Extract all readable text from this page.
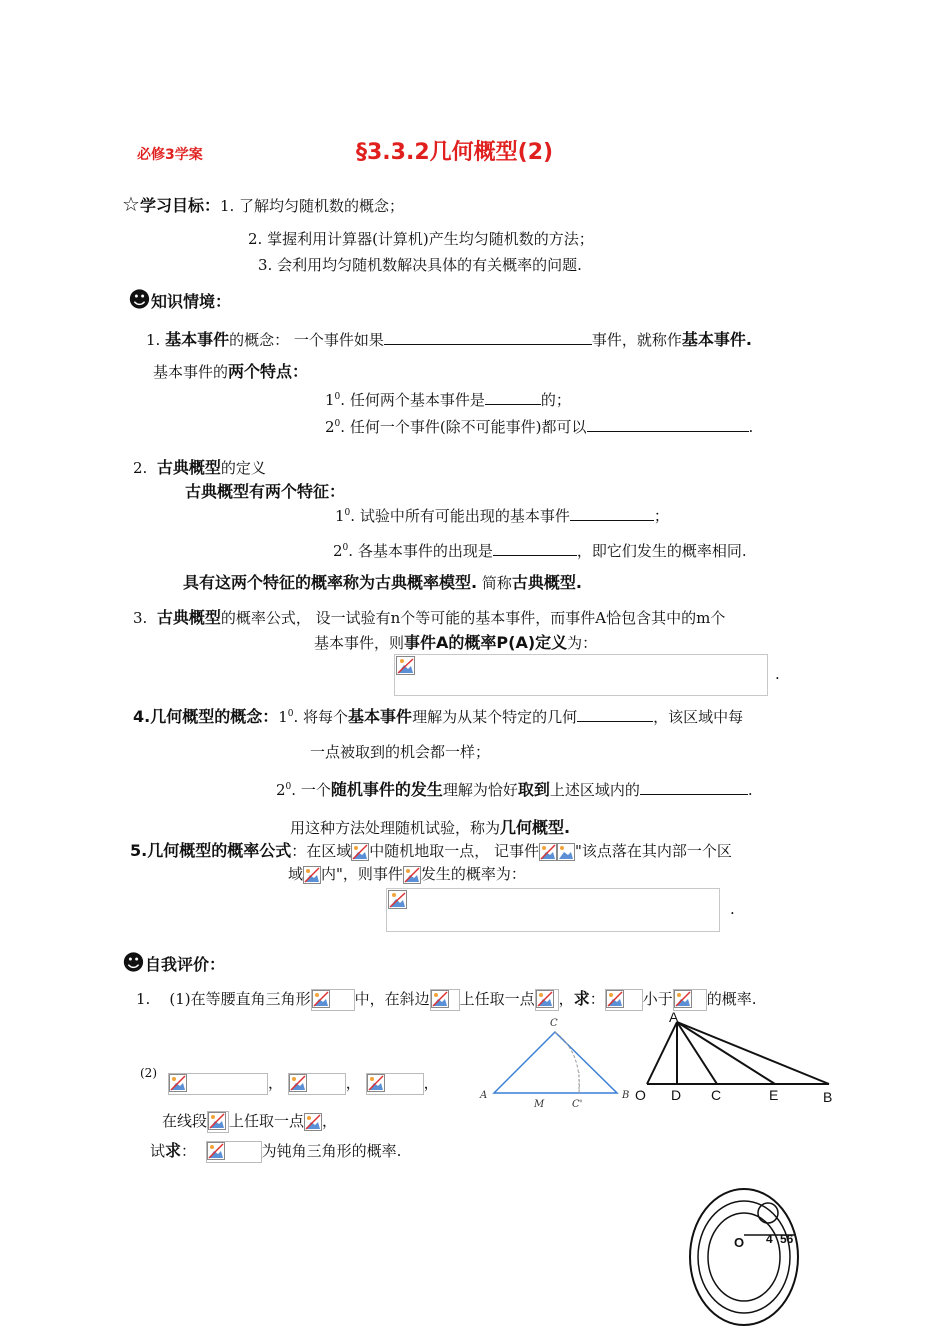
必修3学案	§3.3.2几何概型(2)
☆学习目标：1. 了解均匀随机数的概念；
2. 掌握利用计算器(计算机)产生均匀随机数的方法；
3. 会利用均匀随机数解决具体的有关概率的问题.
☻知识情境：
1. 基本事件的概念： 一个事件如果	事件，就称作基本事件.
基本事件的两个特点：
$1^0$. 任何两个基本事件是	的；
$2^0$. 任何一个事件(除不可能事件)都可以	.
2. 古典概型的定义
古典概型有两个特征：
$1^0$. 试验中所有可能出现的基本事件	；
$2^0$. 各基本事件的出现是	，即它们发生的概率相同.
具有这两个特征的概率称为古典概率模型. 简称古典概型.
3. 古典概型的概率公式， 设一试验有n个等可能的基本事件，而事件A恰包含其中的m个
基本事件，则事件A的概率P(A)定义为：
.
4.几何概型的概念：$1^0$. 将每个基本事件理解为从某个特定的几何	，该区域中每
一点被取到的机会都一样；
$2^0$. 一个随机事件的发生理解为恰好取到上述区域内的	.
用这种方法处理随机试验，称为几何概型.
5.几何概型的概率公式：在区域 中随机地取一点， 记事件 "该点落在其内部一个区
域 内"，则事件 发生的概率为：
.
☻自我评价：
1. (1)在等腰直角三角形	中，在斜边 上任取一点 ，求：	小于 的概率.
(2)
，	，	，
在线段 上任取一点 ，
试求：	为钝角三角形的概率.
C
A
M	C'
B
A
O D C	E	B
O 4 56
